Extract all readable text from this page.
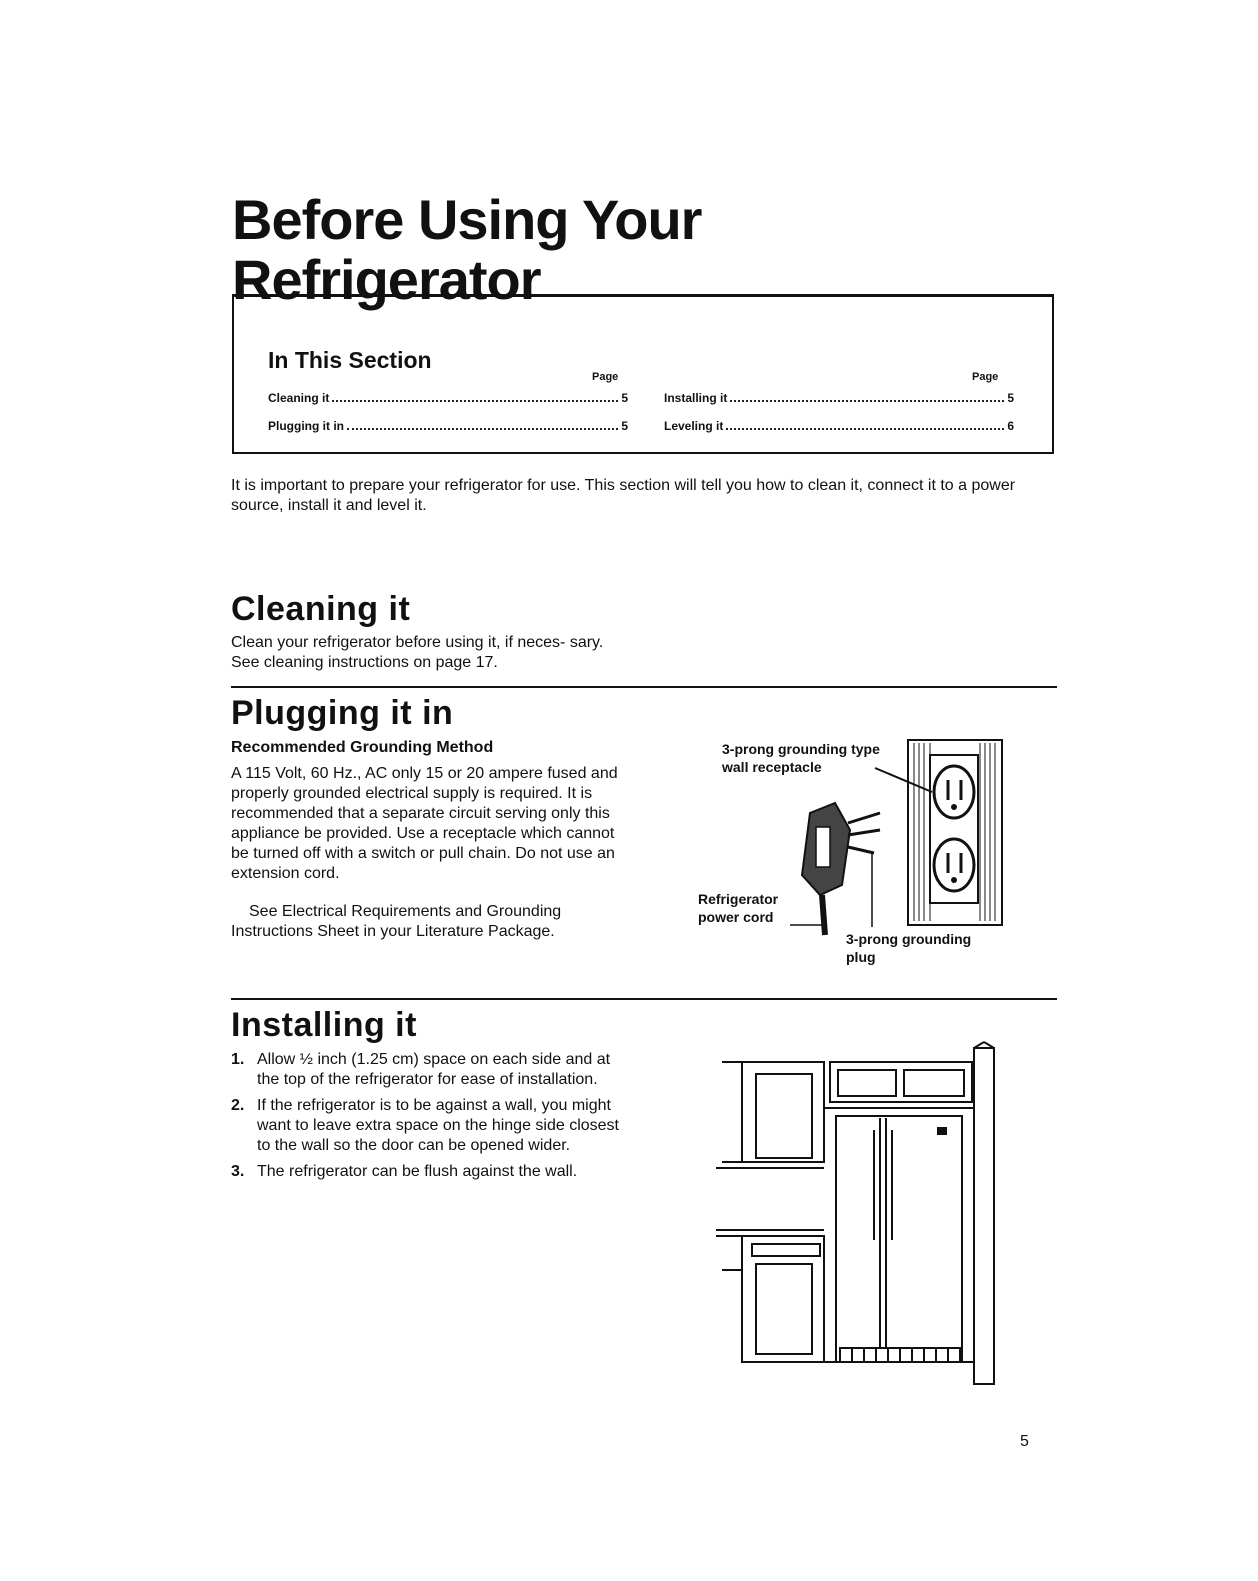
Before Using Your
Refrigerator
In This Section
Page	Page
Cleaning it	5
Plugging it in	5
Installing it	5
Leveling it	6
It is important to prepare your refrigerator for use. This section will tell you how to clean it, connect it to a power source, install it and level it.
Cleaning it
Clean your refrigerator before using it, if neces- sary. See cleaning instructions on page 17.
Plugging it in
Recommended Grounding Method
A 115 Volt, 60 Hz., AC only 15 or 20 ampere fused and properly grounded electrical supply is required. It is recommended that a separate circuit serving only this appliance be provided. Use a receptacle which cannot be turned off with a switch or pull chain. Do not use an extension cord.
See Electrical Requirements and Grounding Instructions Sheet in your Literature Package.
3-prong grounding type wall receptacle
Refrigerator power cord
3-prong grounding plug
Installing it
1. Allow ½ inch (1.25 cm) space on each side and at the top of the refrigerator for ease of installation.
2. If the refrigerator is to be against a wall, you might want to leave extra space on the hinge side closest to the wall so the door can be opened wider.
3. The refrigerator can be flush against the wall.
5
